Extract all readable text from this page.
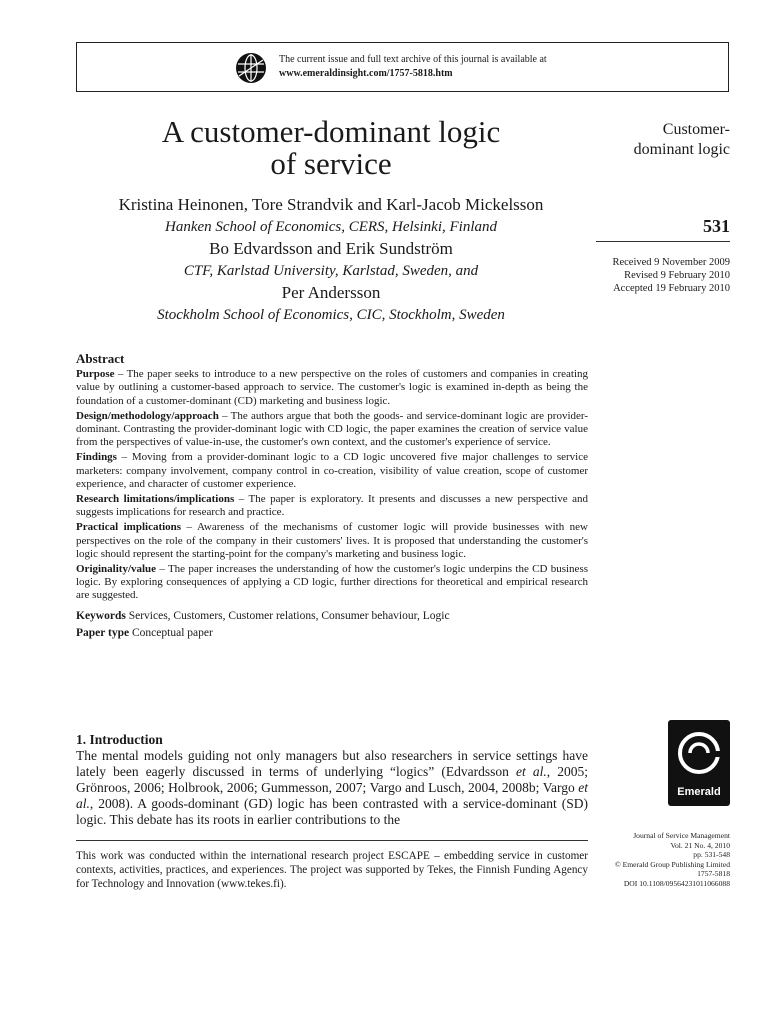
The current issue and full text archive of this journal is available at
www.emeraldinsight.com/1757-5818.htm
A customer-dominant logic
of service
Kristina Heinonen, Tore Strandvik and Karl-Jacob Mickelsson
Hanken School of Economics, CERS, Helsinki, Finland
Bo Edvardsson and Erik Sundström
CTF, Karlstad University, Karlstad, Sweden, and
Per Andersson
Stockholm School of Economics, CIC, Stockholm, Sweden
Customer-
dominant logic
531
Received 9 November 2009
Revised 9 February 2010
Accepted 19 February 2010
Abstract

Purpose – The paper seeks to introduce to a new perspective on the roles of customers and companies in creating value by outlining a customer-based approach to service. The customer's logic is examined in-depth as being the foundation of a customer-dominant (CD) marketing and business logic.

Design/methodology/approach – The authors argue that both the goods- and service-dominant logic are provider-dominant. Contrasting the provider-dominant logic with CD logic, the paper examines the creation of service value from the perspectives of value-in-use, the customer's own context, and the customer's experience of service.

Findings – Moving from a provider-dominant logic to a CD logic uncovered five major challenges to service marketers: company involvement, company control in co-creation, visibility of value creation, scope of customer experience, and character of customer experience.

Research limitations/implications – The paper is exploratory. It presents and discusses a new perspective and suggests implications for research and practice.

Practical implications – Awareness of the mechanisms of customer logic will provide businesses with new perspectives on the role of the company in their customers' lives. It is proposed that understanding the customer's logic should represent the starting-point for the company's marketing and business logic.

Originality/value – The paper increases the understanding of how the customer's logic underpins the CD business logic. By exploring consequences of applying a CD logic, further directions for theoretical and empirical research are suggested.

Keywords Services, Customers, Customer relations, Consumer behaviour, Logic

Paper type Conceptual paper

1. Introduction

The mental models guiding not only managers but also researchers in service settings have lately been eagerly discussed in terms of underlying “logics” (Edvardsson et al., 2005; Grönroos, 2006; Holbrook, 2006; Gummesson, 2007; Vargo and Lusch, 2004, 2008b; Vargo et al., 2008). A goods-dominant (GD) logic has been contrasted with a service-dominant (SD) logic. This debate has its roots in earlier contributions to the

This work was conducted within the international research project ESCAPE – embedding service in customer contexts, activities, practices, and experiences. The project was supported by Tekes, the Finnish Funding Agency for Technology and Innovation (www.tekes.fi).
Emerald
Journal of Service Management
Vol. 21 No. 4, 2010
pp. 531-548
© Emerald Group Publishing Limited
1757-5818
DOI 10.1108/09564231011066088
